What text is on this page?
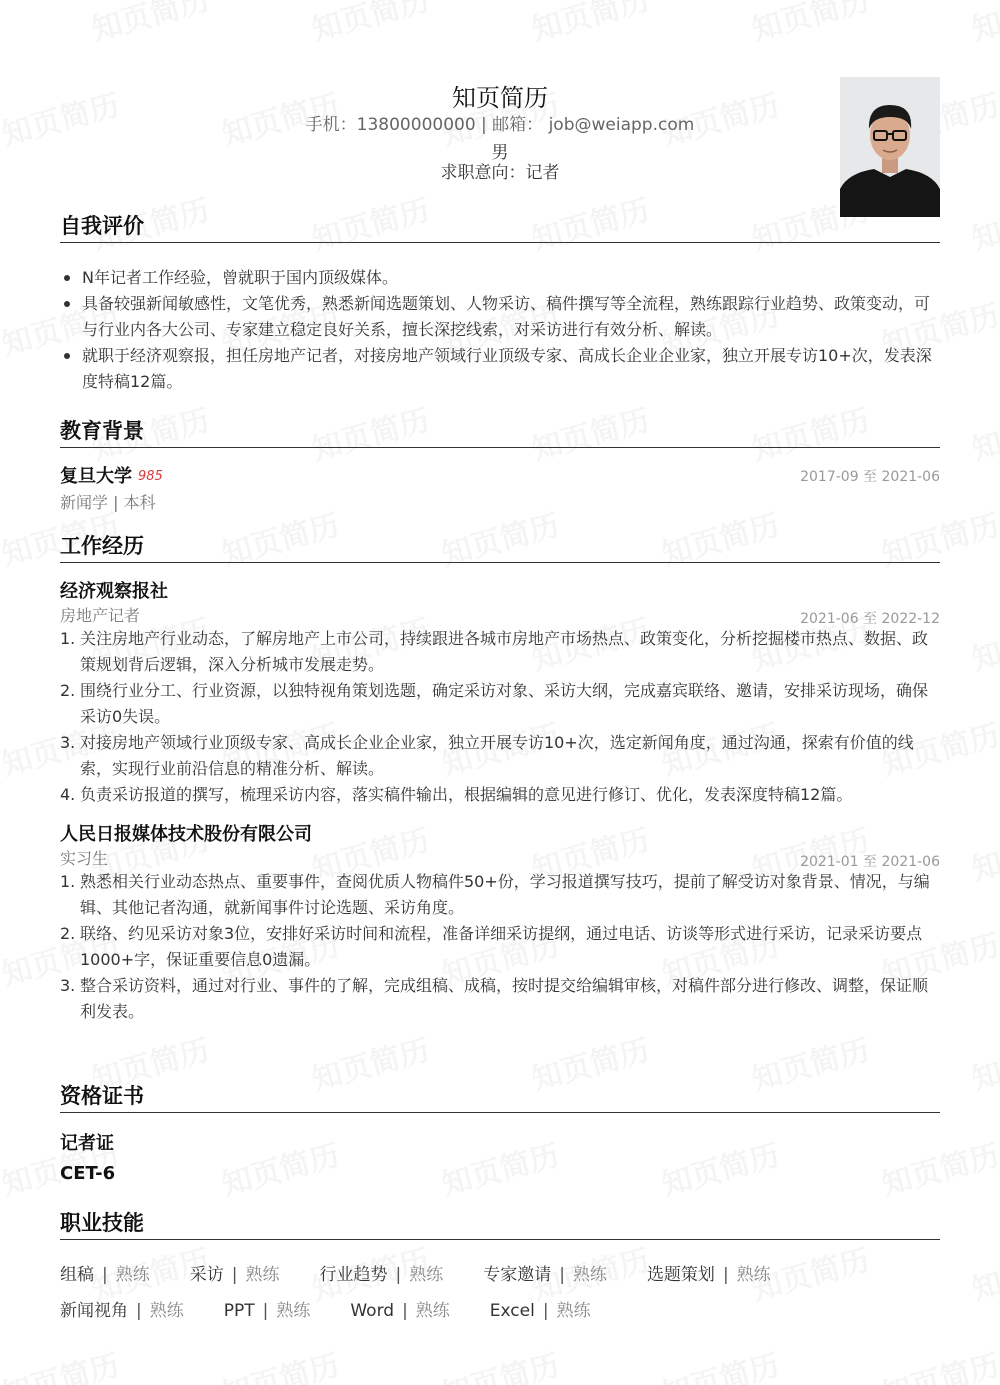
知页简历
手机：13800000000 | 邮箱： job@weiapp.com
男
求职意向：记者
自我评价
N年记者工作经验，曾就职于国内顶级媒体。
具备较强新闻敏感性，文笔优秀，熟悉新闻选题策划、人物采访、稿件撰写等全流程，熟练跟踪行业趋势、政策变动，可与行业内各大公司、专家建立稳定良好关系，擅长深挖线索，对采访进行有效分析、解读。
就职于经济观察报，担任房地产记者，对接房地产领域行业顶级专家、高成长企业企业家，独立开展专访10+次，发表深度特稿12篇。
教育背景
复旦大学 985	2017-09 至 2021-06
新闻学 | 本科
工作经历
经济观察报社
房地产记者	2021-06 至 2022-12
1. 关注房地产行业动态，了解房地产上市公司，持续跟进各城市房地产市场热点、政策变化，分析挖掘楼市热点、数据、政策规划背后逻辑，深入分析城市发展走势。
2. 围绕行业分工、行业资源，以独特视角策划选题，确定采访对象、采访大纲，完成嘉宾联络、邀请，安排采访现场，确保采访0失误。
3. 对接房地产领域行业顶级专家、高成长企业企业家，独立开展专访10+次，选定新闻角度，通过沟通，探索有价值的线索，实现行业前沿信息的精准分析、解读。
4. 负责采访报道的撰写，梳理采访内容，落实稿件输出，根据编辑的意见进行修订、优化，发表深度特稿12篇。
人民日报媒体技术股份有限公司
实习生	2021-01 至 2021-06
1. 熟悉相关行业动态热点、重要事件，查阅优质人物稿件50+份，学习报道撰写技巧，提前了解受访对象背景、情况，与编辑、其他记者沟通，就新闻事件讨论选题、采访角度。
2. 联络、约见采访对象3位，安排好采访时间和流程，准备详细采访提纲，通过电话、访谈等形式进行采访，记录采访要点1000+字，保证重要信息0遗漏。
3. 整合采访资料，通过对行业、事件的了解，完成组稿、成稿，按时提交给编辑审核，对稿件部分进行修改、调整，保证顺利发表。
资格证书
记者证
CET-6
职业技能
组稿 | 熟练 采访 | 熟练 行业趋势 | 熟练 专家邀请 | 熟练 选题策划 | 熟练
新闻视角 | 熟练 PPT | 熟练 Word | 熟练 Excel | 熟练
